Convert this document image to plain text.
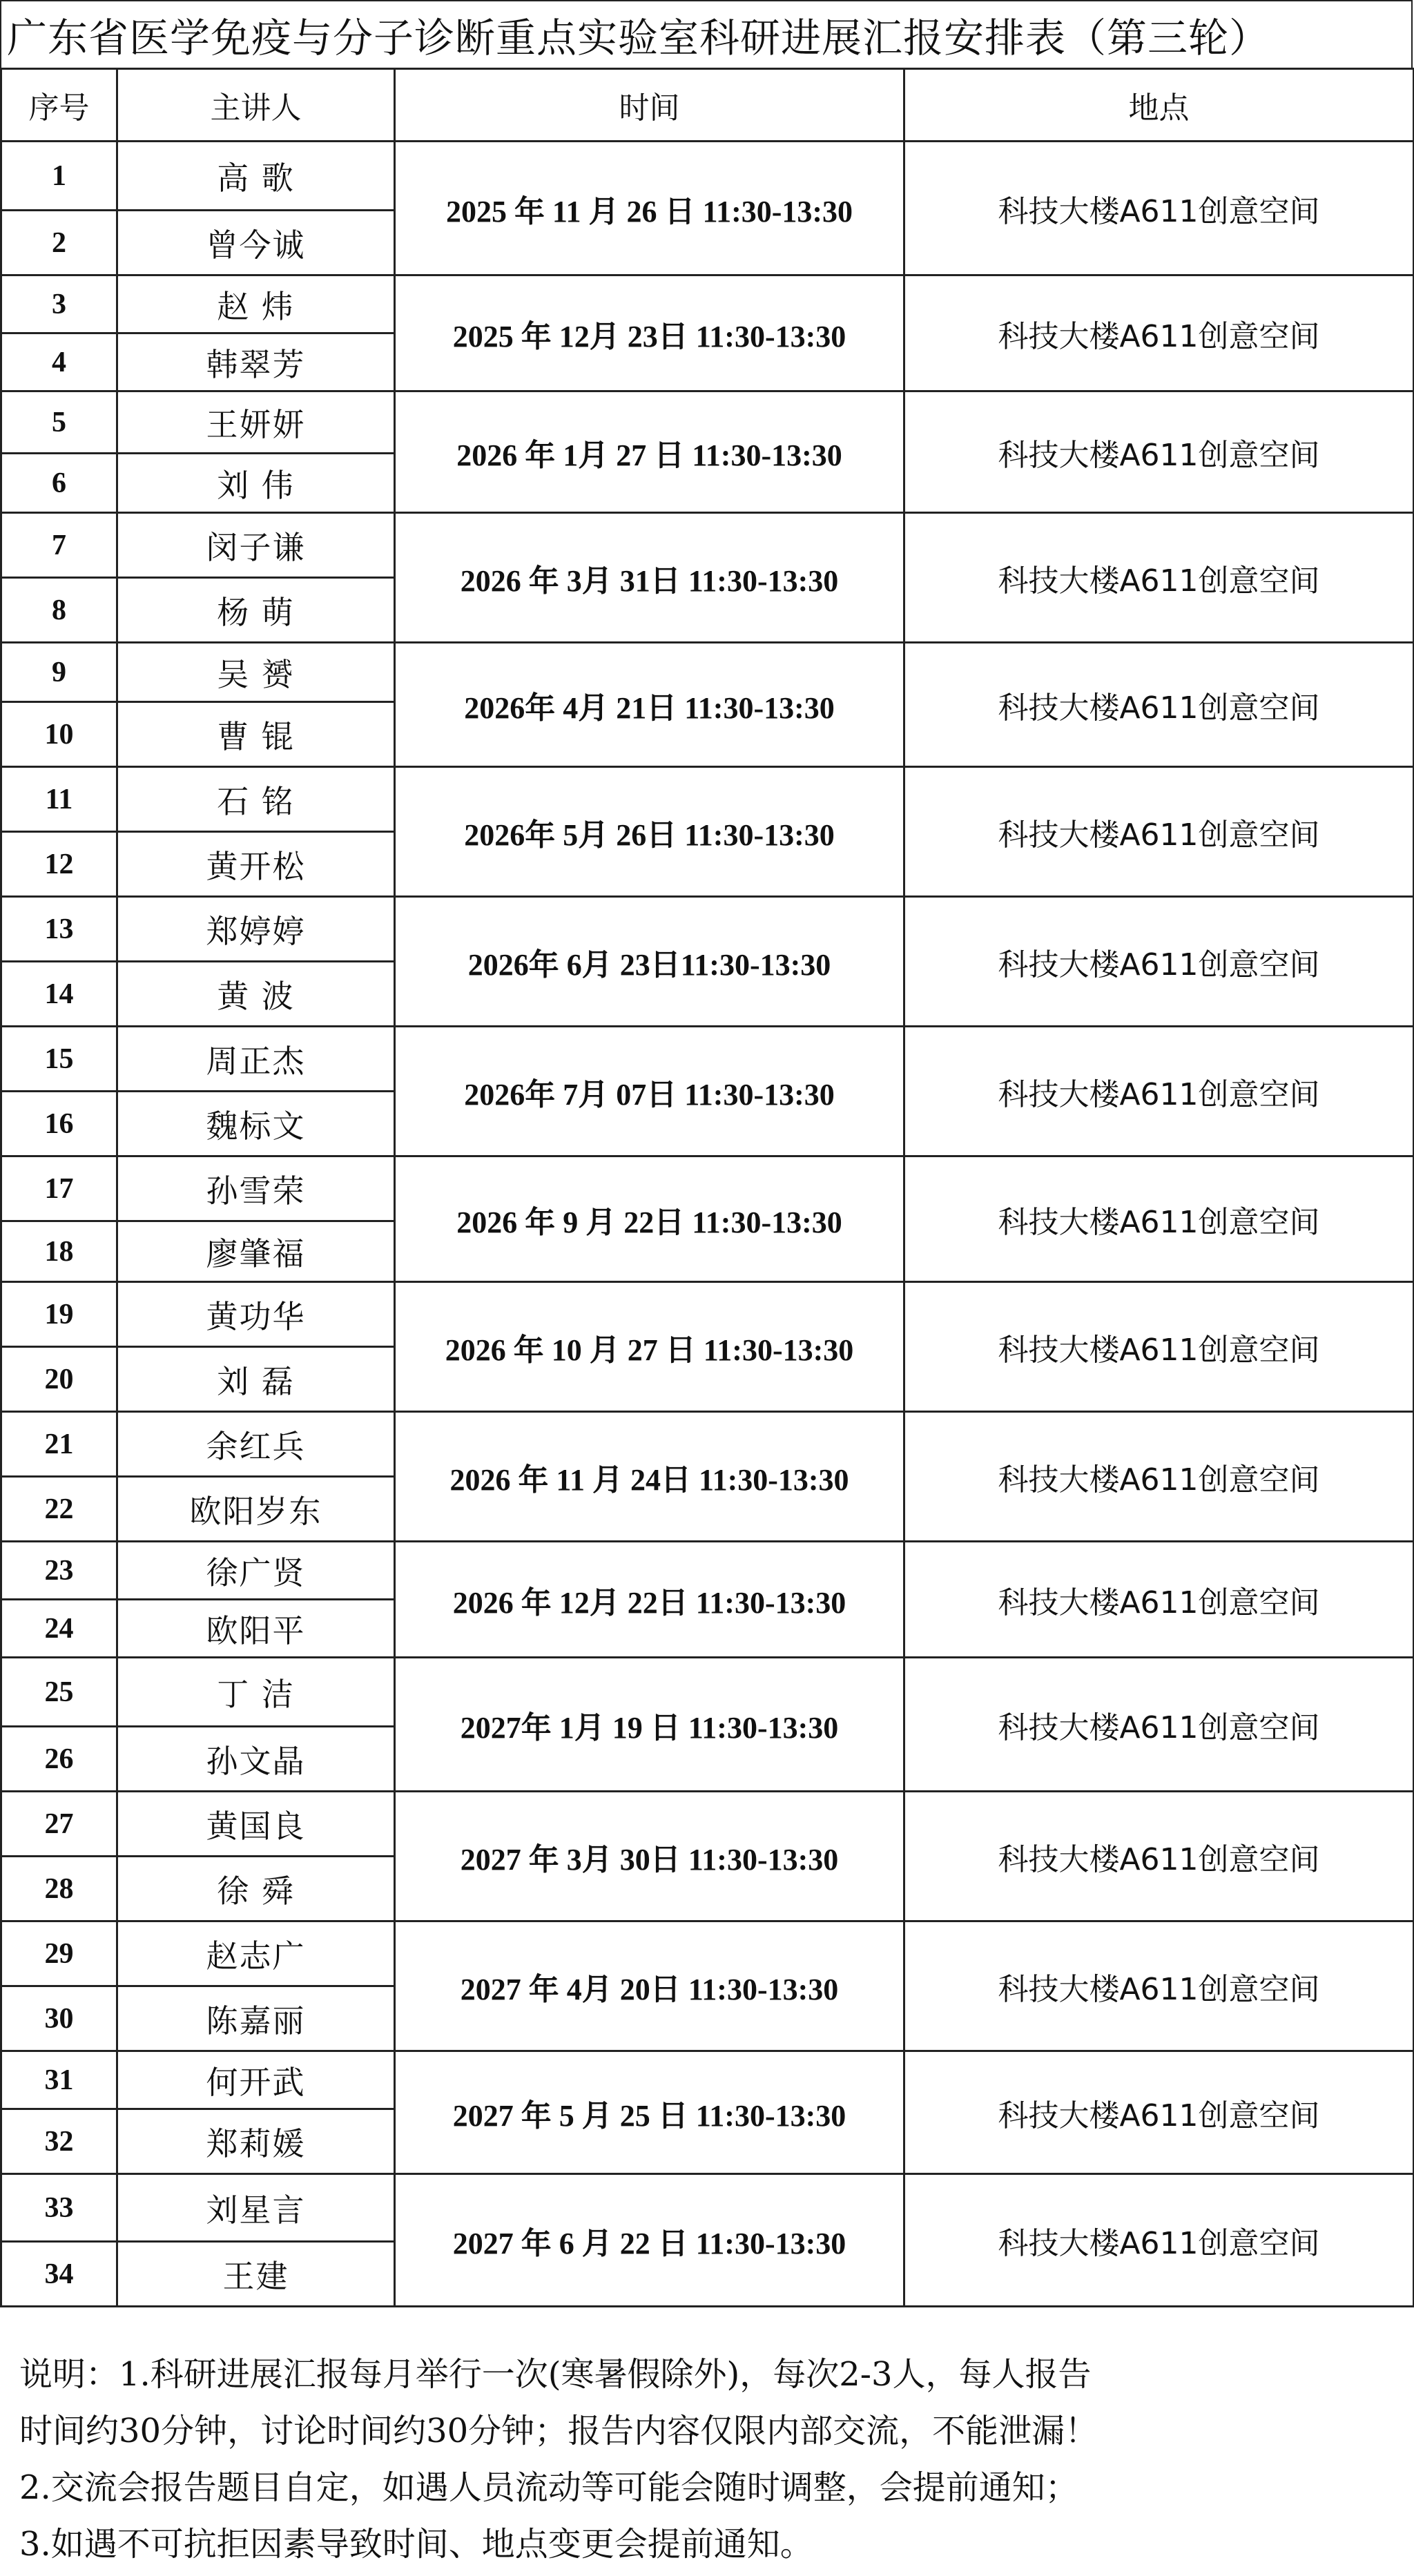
广东省医学免疫与分子诊断重点实验室科研进展汇报安排表（第三轮）
序号	主讲人	时间	地点
1	高 歌	2025 年 11 月 26 日 11:30-13:30	科技大楼A611创意空间
2	曾今诚		
3	赵 炜	2025 年 12月 23日 11:30-13:30	科技大楼A611创意空间
4	韩翠芳		
5	王妍妍	2026 年 1月 27 日 11:30-13:30	科技大楼A611创意空间
6	刘 伟		
7	闵子谦	2026 年 3月 31日 11:30-13:30	科技大楼A611创意空间
8	杨 萌		
9	吴 赟	2026年 4月 21日 11:30-13:30	科技大楼A611创意空间
10	曹 锟		
11	石 铭	2026年 5月 26日 11:30-13:30	科技大楼A611创意空间
12	黄开松		
13	郑婷婷	2026年 6月 23日11:30-13:30	科技大楼A611创意空间
14	黄 波		
15	周正杰	2026年 7月 07日 11:30-13:30	科技大楼A611创意空间
16	魏标文		
17	孙雪荣	2026 年 9 月 22日 11:30-13:30	科技大楼A611创意空间
18	廖肇福		
19	黄功华	2026 年 10 月 27 日 11:30-13:30	科技大楼A611创意空间
20	刘 磊		
21	余红兵	2026 年 11 月 24日 11:30-13:30	科技大楼A611创意空间
22	欧阳岁东		
23	徐广贤	2026 年 12月 22日 11:30-13:30	科技大楼A611创意空间
24	欧阳平		
25	丁 洁	2027年 1月 19 日 11:30-13:30	科技大楼A611创意空间
26	孙文晶		
27	黄国良	2027 年 3月 30日 11:30-13:30	科技大楼A611创意空间
28	徐 舜		
29	赵志广	2027 年 4月 20日 11:30-13:30	科技大楼A611创意空间
30	陈嘉丽		
31	何开武	2027 年 5 月 25 日 11:30-13:30	科技大楼A611创意空间
32	郑莉媛		
33	刘星言	2027 年 6 月 22 日 11:30-13:30	科技大楼A611创意空间
34	王建		

说明：1.科研进展汇报每月举行一次(寒暑假除外)，每次2-3人，每人报告

时间约30分钟，讨论时间约30分钟；报告内容仅限内部交流，不能泄漏！

2.交流会报告题目自定，如遇人员流动等可能会随时调整，会提前通知；

3.如遇不可抗拒因素导致时间、地点变更会提前通知。
